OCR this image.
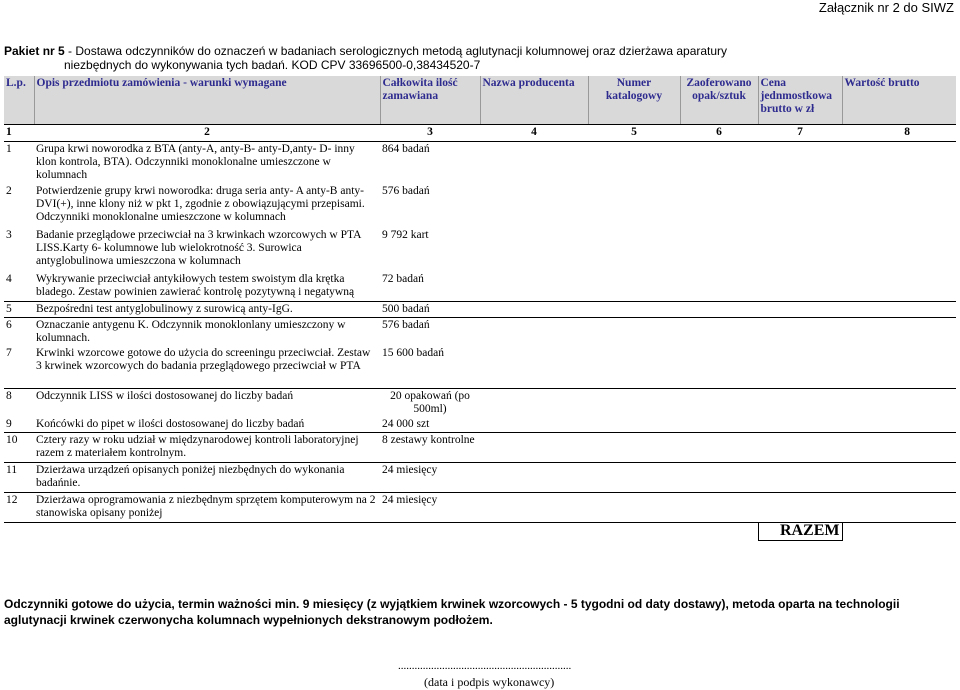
Załącznik nr 2 do SIWZ
Pakiet nr 5 - Dostawa odczynników do oznaczeń w badaniach serologicznych metodą aglutynacji kolumnowej oraz dzierżawa aparatury
niezbędnych do wykonywania tych badań. KOD CPV 33696500-0,38434520-7
L.p.	Opis przedmiotu zamówienia - warunki wymagane	Całkowita ilość zamawiana	Nazwa producenta	Numer katalogowy	Zaoferowano opak/sztuk	Cena jednmostkowa brutto w zł	Wartość brutto
1	2	3	4	5	6	7	8
1	Grupa krwi noworodka z BTA (anty-A, anty-B- anty-D,anty- D- inny klon kontrola, BTA). Odczynniki monoklonalne umieszczone w kolumnach	864 badań					
2	Potwierdzenie grupy krwi noworodka: druga seria anty- A anty-B anty-DVI(+), inne klony niż w pkt 1, zgodnie z obowiązującymi przepisami. Odczynniki monoklonalne umieszczone w kolumnach	576 badań					
3	Badanie przeglądowe przeciwciał na 3 krwinkach wzorcowych w PTA LISS.Karty 6- kolumnowe lub wielokrotność 3. Surowica antyglobulinowa umieszczona w kolumnach	9 792 kart					
4	Wykrywanie przeciwciał antykiłowych testem swoistym dla krętka bladego. Zestaw powinien zawierać kontrolę pozytywną i negatywną	72 badań					
5	Bezpośredni test antyglobulinowy z surowicą anty-IgG.	500 badań					
6	Oznaczanie antygenu K. Odczynnik monoklonlany umieszczony w kolumnach.	576 badań					
7	Krwinki wzorcowe gotowe do użycia do screeningu przeciwciał. Zestaw 3 krwinek wzorcowych do badania przeglądowego przeciwciał w PTA	15 600 badań					
8	Odczynnik LISS w ilości dostosowanej do liczby badań	20 opakowań (po 500ml)					
9	Końcówki do pipet w ilości dostosowanej do liczby badań	24 000 szt					
10	Cztery razy w roku udział w międzynarodowej kontroli laboratoryjnej razem z materiałem kontrolnym.	8 zestawy kontrolne					
11	Dzierżawa urządzeń opisanych poniżej niezbędnych do wykonania badańnie.	24 miesięcy					
12	Dzierżawa oprogramowania z niezbędnym sprzętem komputerowym na 2 stanowiska opisany poniżej	24 miesięcy					
						RAZEM	
Odczynniki gotowe do użycia, termin ważności min. 9 miesięcy (z wyjątkiem krwinek wzorcowych - 5 tygodni od daty dostawy), metoda oparta na technologii aglutynacji krwinek czerwonycha kolumnach wypełnionych dekstranowym podłożem.
...............................................................
(data i podpis wykonawcy)
